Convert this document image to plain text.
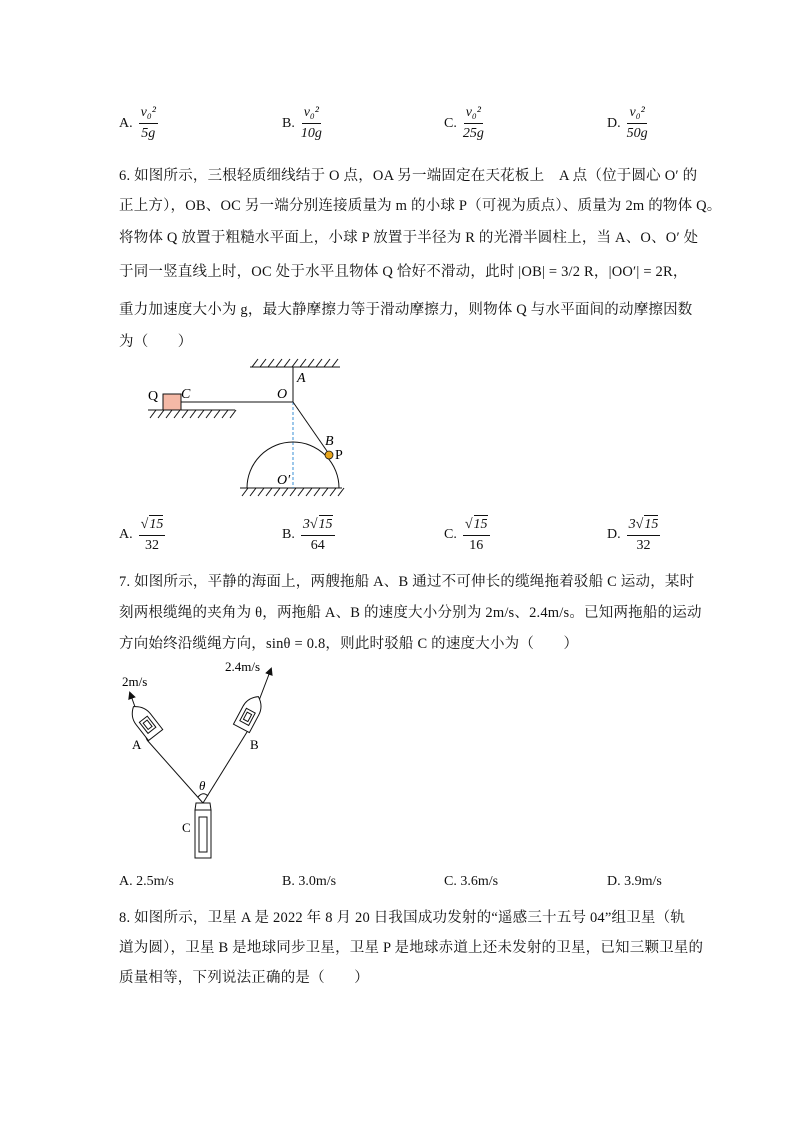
A. $\frac{\text{v₀²}}{5g}$	B. $\frac{\text{v₀²}}{10g}$	C. $\frac{\text{v₀²}}{25g}$	D. $\frac{\text{v₀²}}{50g}$
6. 如图所示，三根轻质细线结于 O 点，OA 另一端固定在天花板上　A 点（位于圆心 O′ 的
正上方），OB、OC 另一端分别连接质量为 m 的小球 P（可视为质点）、质量为 2m 的物体 Q。
将物体 Q 放置于粗糙水平面上，小球 P 放置于半径为 R 的光滑半圆柱上，当 A、O、O′ 处
于同一竖直线上时，OC 处于水平且物体 Q 恰好不滑动，此时 |OB| = 3/2 R，|OO′| = 2R，
重力加速度大小为 g，最大静摩擦力等于滑动摩擦力，则物体 Q 与水平面间的动摩擦因数
为（　　）
Q C	O
A
B
P
O′
A. $\frac{√15}{32}$	B. $\frac{3√15}{64}$	C. $\frac{√15}{16}$	D. $\frac{3√15}{32}$
7. 如图所示，平静的海面上，两艘拖船 A、B 通过不可伸长的缆绳拖着驳船 C 运动，某时
刻两根缆绳的夹角为 θ，两拖船 A、B 的速度大小分别为 2m/s、2.4m/s。已知两拖船的运动
方向始终沿缆绳方向，sinθ = 0.8，则此时驳船 C 的速度大小为（　　）
2m/s
2.4m/s
A	B
C
θ
A. 2.5m/s	B. 3.0m/s	C. 3.6m/s	D. 3.9m/s
8. 如图所示，卫星 A 是 2022 年 8 月 20 日我国成功发射的“遥感三十五号 04”组卫星（轨
道为圆），卫星 B 是地球同步卫星，卫星 P 是地球赤道上还未发射的卫星，已知三颗卫星的
质量相等，下列说法正确的是（　　）
